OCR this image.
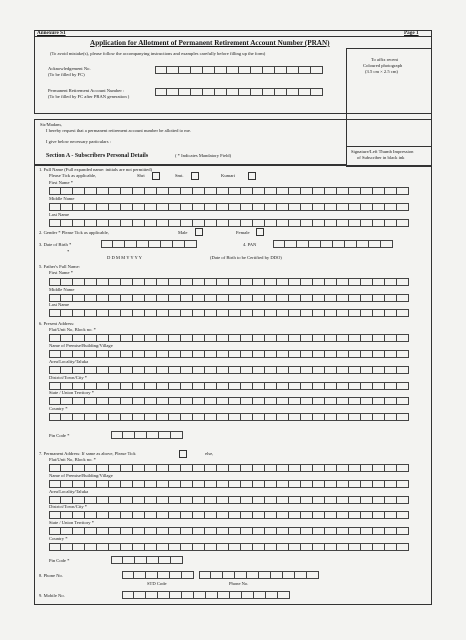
Annexure S1	Page 1
Application for Allotment of Permanent Retirement Account Number (PRAN)
(To avoid mistake(s), please follow the accompanying instructions and examples carefully before filling up the form)
Acknowledgement No.
(To be filled by FC)
Permanent Retirement Account Number :
(To be filled by FC after PRAN generation )
To affix recent
Coloured photograph
(3.5 cm × 2.5 cm)
Sir/Madam,
I hereby request that a permanent retirement account number be allotted to me.
I give below necessary particulars :
Signature/Left Thumb Impression
of Subscriber in black ink
Section A - Subscribers Personal Details	( * Indicates Mandatory Field)
1. Full Name (Full expanded name: initials are not permitted)
Please Tick as applicable,	Shri	Smt.	Kumari
First Name *
Middle Name
Last Name
2. Gender * Please Tick as applicable,	Male	Female
3. Date of Birth *	4. PAN
*
D D M M Y Y Y Y	(Date of Birth to be Certified by DDO)
5. Father's Full Name:
First Name *
Middle Name
Last Name
6. Present Address:
Flat/Unit No, Block no. *
Name of Premise/Building/Village
Area/Locality/Taluka
District/Town/City *
State / Union Territory *
Country *
Pin Code *
7. Permanent Address: If same as above, Please Tick	else,
Flat/Unit No, Block no. *
Name of Premise/Building/Village
Area/Locality/Taluka
District/Town/City *
State / Union Territory *
Country *
Pin Code *
8. Phone No.
STD Code	Phone No.
9. Mobile No.
